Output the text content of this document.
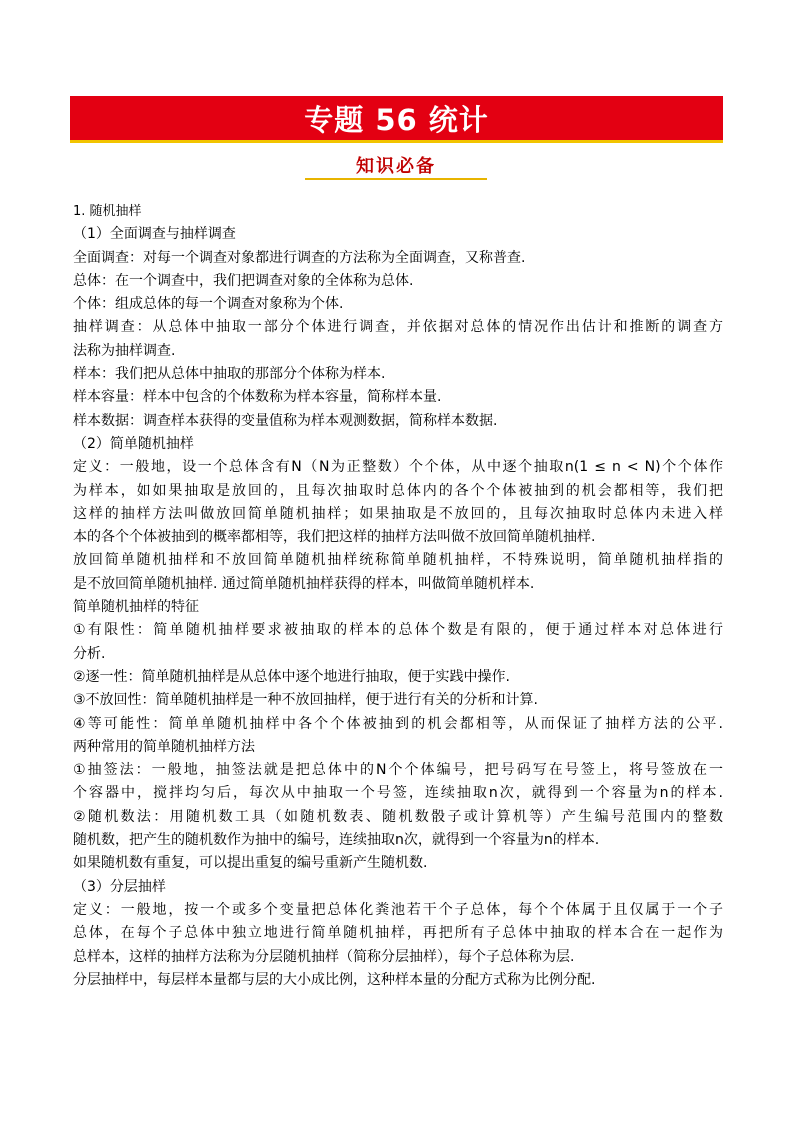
专题 56 统计
知识必备

1. 随机抽样

（1）全面调查与抽样调查

全面调查：对每一个调查对象都进行调查的方法称为全面调查，又称普查.

总体：在一个调查中，我们把调查对象的全体称为总体.

个体：组成总体的每一个调查对象称为个体.

抽样调查：从总体中抽取一部分个体进行调查，并依据对总体的情况作出估计和推断的调查方

法称为抽样调查.

样本：我们把从总体中抽取的那部分个体称为样本.

样本容量：样本中包含的个体数称为样本容量，简称样本量.

样本数据：调查样本获得的变量值称为样本观测数据，简称样本数据.

（2）简单随机抽样

定义：一般地，设一个总体含有N（N为正整数）个个体，从中逐个抽取n(1 ≤ n < N)个个体作

为样本，如如果抽取是放回的，且每次抽取时总体内的各个个体被抽到的机会都相等，我们把

这样的抽样方法叫做放回简单随机抽样；如果抽取是不放回的，且每次抽取时总体内未进入样

本的各个个体被抽到的概率都相等，我们把这样的抽样方法叫做不放回简单随机抽样.

放回简单随机抽样和不放回简单随机抽样统称简单随机抽样，不特殊说明，简单随机抽样指的

是不放回简单随机抽样. 通过简单随机抽样获得的样本，叫做简单随机样本.

简单随机抽样的特征

①有限性：简单随机抽样要求被抽取的样本的总体个数是有限的，便于通过样本对总体进行

分析.

②逐一性：简单随机抽样是从总体中逐个地进行抽取，便于实践中操作.

③不放回性：简单随机抽样是一种不放回抽样，便于进行有关的分析和计算.

④等可能性：简单单随机抽样中各个个体被抽到的机会都相等，从而保证了抽样方法的公平.

两种常用的简单随机抽样方法

①抽签法：一般地，抽签法就是把总体中的N个个体编号，把号码写在号签上，将号签放在一

个容器中，搅拌均匀后，每次从中抽取一个号签，连续抽取n次，就得到一个容量为n的样本.

②随机数法：用随机数工具（如随机数表、随机数骰子或计算机等）产生编号范围内的整数

随机数，把产生的随机数作为抽中的编号，连续抽取n次，就得到一个容量为n的样本.

如果随机数有重复，可以提出重复的编号重新产生随机数.

（3）分层抽样

定义：一般地，按一个或多个变量把总体化粪池若干个子总体，每个个体属于且仅属于一个子

总体，在每个子总体中独立地进行简单随机抽样，再把所有子总体中抽取的样本合在一起作为

总样本，这样的抽样方法称为分层随机抽样（简称分层抽样），每个子总体称为层.

分层抽样中，每层样本量都与层的大小成比例，这种样本量的分配方式称为比例分配.
